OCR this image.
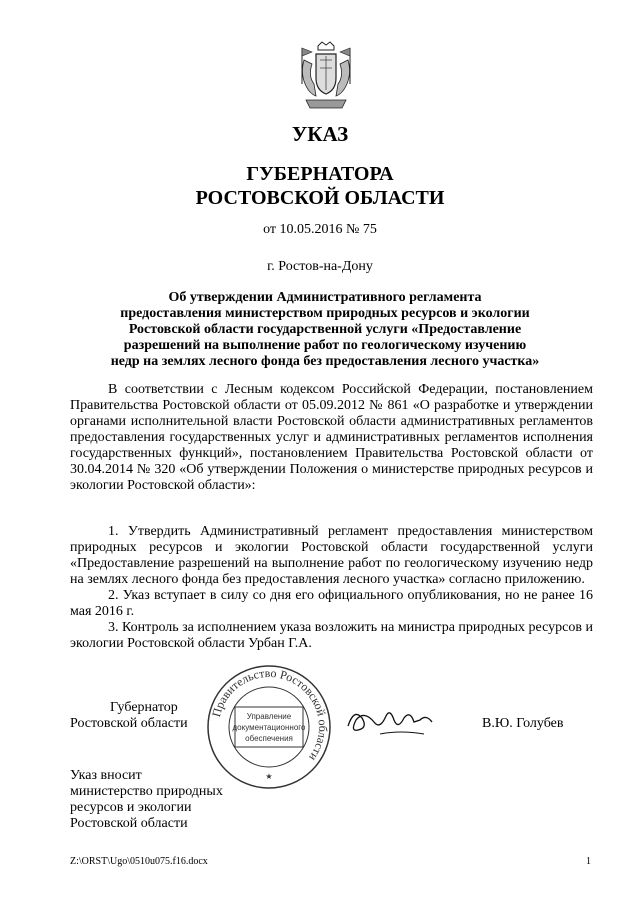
УКАЗ
ГУБЕРНАТОРА
РОСТОВСКОЙ ОБЛАСТИ
от 10.05.2016 № 75
г. Ростов-на-Дону
Об утверждении Административного регламента
предоставления министерством природных ресурсов и экологии
Ростовской области государственной услуги «Предоставление
разрешений на выполнение работ по геологическому изучению
недр на землях лесного фонда без предоставления лесного участка»

В соответствии с Лесным кодексом Российской Федерации, постановлением Правительства Ростовской области от 05.09.2012 № 861 «О разработке и утверждении органами исполнительной власти Ростовской области административных регламентов предоставления государственных услуг и административных регламентов исполнения государственных функций», постановлением Правительства Ростовской области от 30.04.2014 № 320 «Об утверждении Положения о министерстве природных ресурсов и экологии Ростовской области»:

1. Утвердить Административный регламент предоставления министерством природных ресурсов и экологии Ростовской области государственной услуги «Предоставление разрешений на выполнение работ по геологическому изучению недр на землях лесного фонда без предоставления лесного участка» согласно приложению.

2. Указ вступает в силу со дня его официального опубликования, но не ранее 16 мая 2016 г.

3. Контроль за исполнением указа возложить на министра природных ресурсов и экологии Ростовской области Урбан Г.А.

Правительство Ростовской области
Управление
документационного
обеспечения
★
Губернатор
Ростовской области	В.Ю. Голубев
Указ вносит
министерство природных
ресурсов и экологии
Ростовской области
Z:\ORST\Ugo\0510u075.f16.docx	1
